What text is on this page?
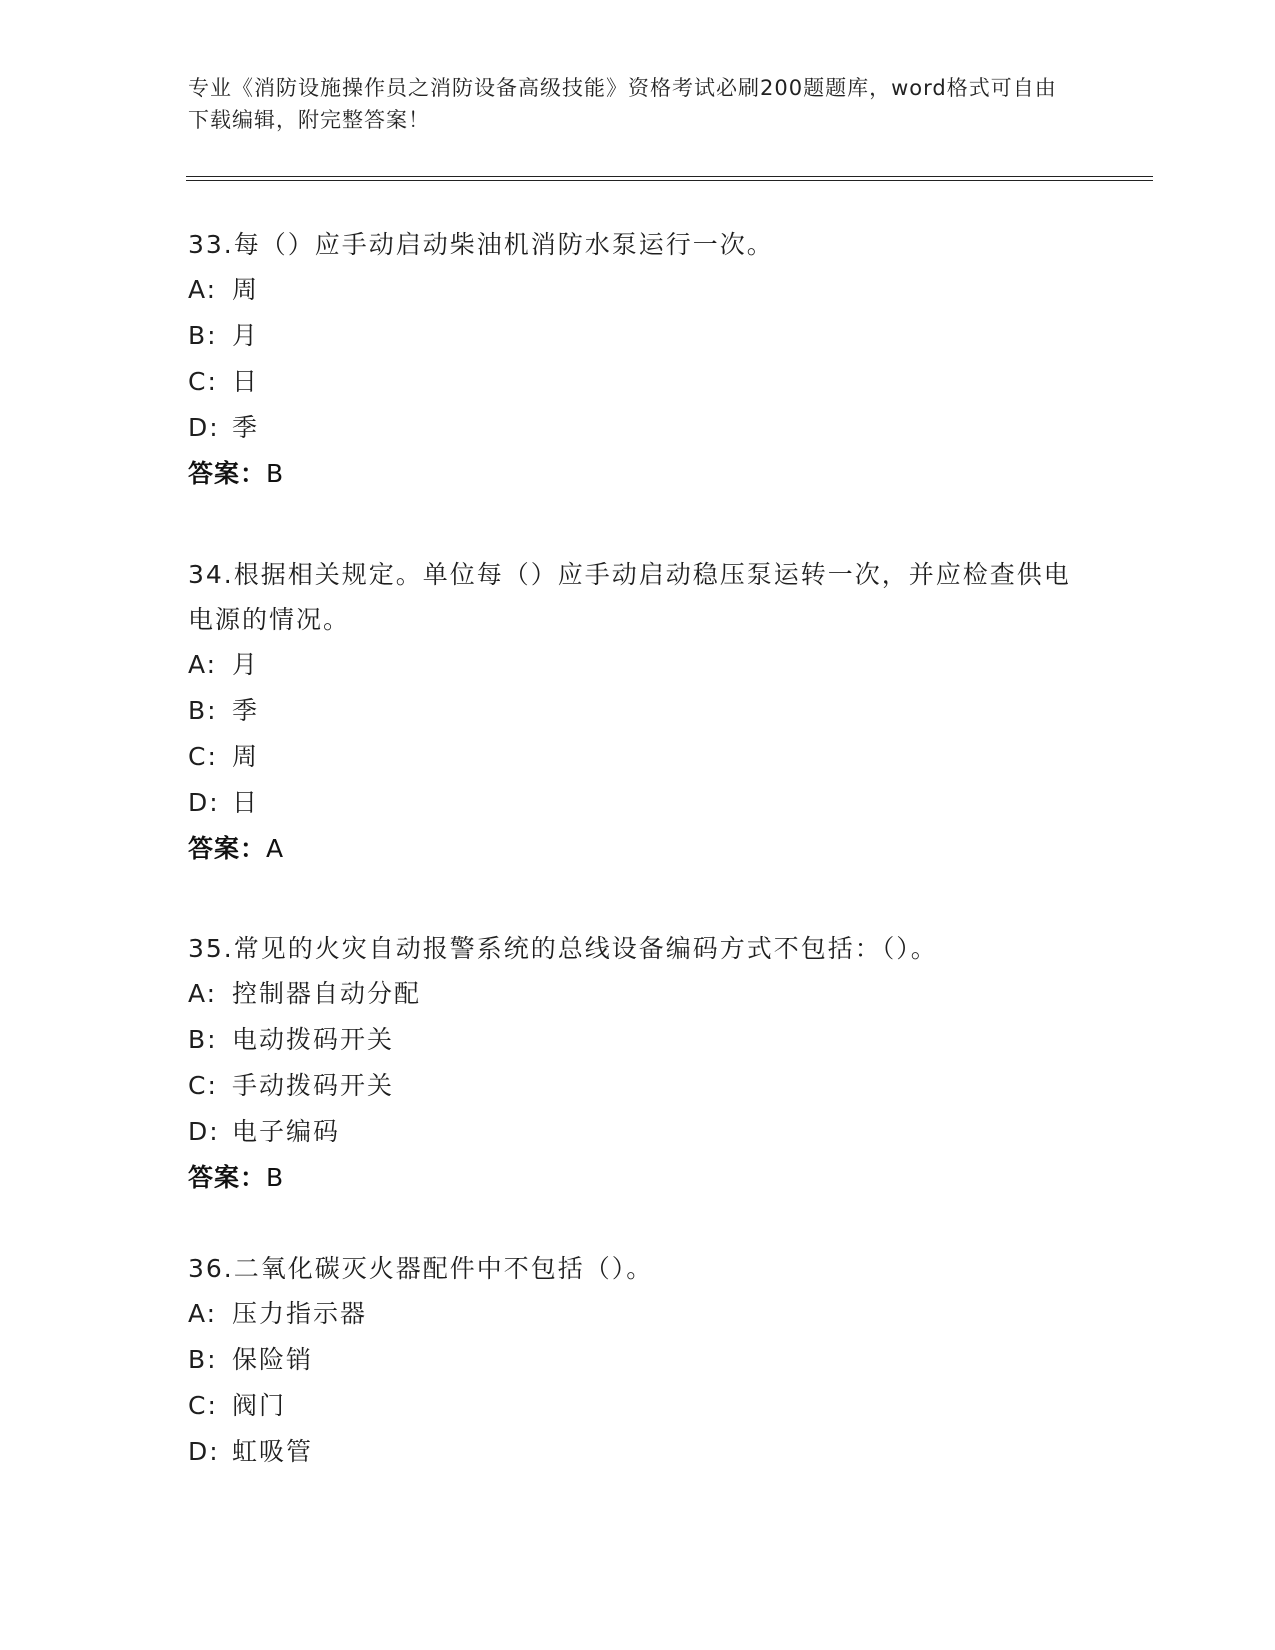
专业《消防设施操作员之消防设备高级技能》资格考试必刷200题题库，word格式可自由下载编辑，附完整答案！
33.每（）应手动启动柴油机消防水泵运行一次。
A: 周
B: 月
C: 日
D: 季
答案：B
34.根据相关规定。单位每（）应手动启动稳压泵运转一次，并应检查供电电源的情况。
A: 月
B: 季
C: 周
D: 日
答案：A
35.常见的火灾自动报警系统的总线设备编码方式不包括：（）。
A: 控制器自动分配
B: 电动拨码开关
C: 手动拨码开关
D: 电子编码
答案：B
36.二氧化碳灭火器配件中不包括（）。
A: 压力指示器
B: 保险销
C: 阀门
D: 虹吸管
